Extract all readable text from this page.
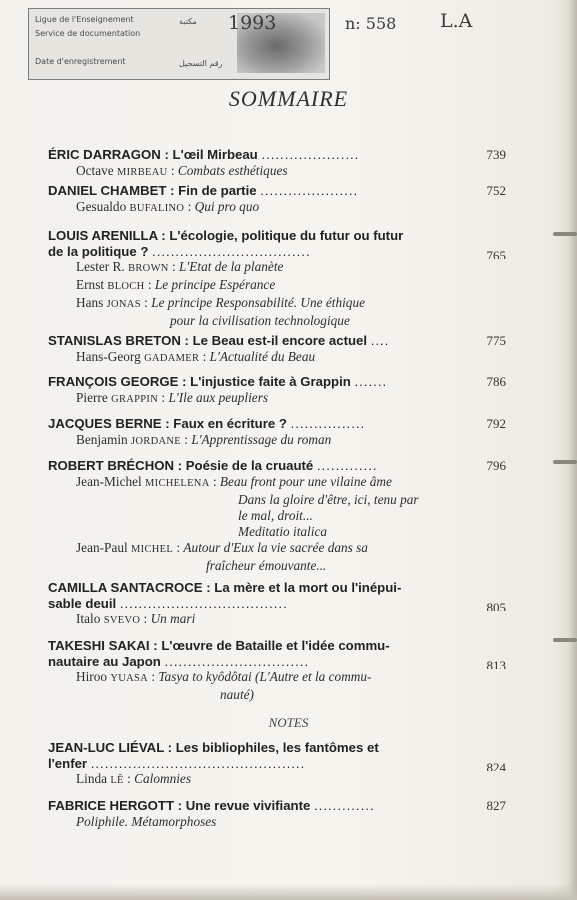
Ligue de l'Enseignement
Service de documentation
Date d'enregistrement
مكتبة
رقم التسجيل
1993	n: 558 L.A
SOMMAIRE
ÉRIC DARRAGON : L'œil Mirbeau .....................	739
Octave MIRBEAU : Combats esthétiques
DANIEL CHAMBET : Fin de partie .....................	752
Gesualdo BUFALINO : Qui pro quo
LOUIS ARENILLA : L'écologie, politique du futur ou futur
de la politique ? ..................................	765
Lester R. BROWN : L'Etat de la planète
Ernst BLOCH : Le principe Espérance
Hans JONAS : Le principe Responsabilité. Une éthique
pour la civilisation technologique
STANISLAS BRETON : Le Beau est-il encore actuel ....	775
Hans-Georg GADAMER : L'Actualité du Beau
FRANÇOIS GEORGE : L'injustice faite à Grappin .......	786
Pierre GRAPPIN : L'Ile aux peupliers
JACQUES BERNE : Faux en écriture ? ................	792
Benjamin JORDANE : L'Apprentissage du roman
ROBERT BRÉCHON : Poésie de la cruauté .............	796
Jean-Michel MICHELENA : Beau front pour une vilaine âme
Dans la gloire d'être, ici, tenu par
le mal, droit...
Meditatio italica
Jean-Paul MICHEL : Autour d'Eux la vie sacrée dans sa
fraîcheur émouvante...
CAMILLA SANTACROCE : La mère et la mort ou l'inépui-
sable deuil ....................................	805
Italo SVEVO : Un mari
TAKESHI SAKAI : L'œuvre de Bataille et l'idée commu-
nautaire au Japon ...............................	813
Hiroo YUASA : Tasya to kyôdôtai (L'Autre et la commu-
nauté)
NOTES
JEAN-LUC LIÉVAL : Les bibliophiles, les fantômes et
l'enfer ..............................................	824
Linda LÊ : Calomnies
FABRICE HERGOTT : Une revue vivifiante .............	827
Poliphile. Métamorphoses
